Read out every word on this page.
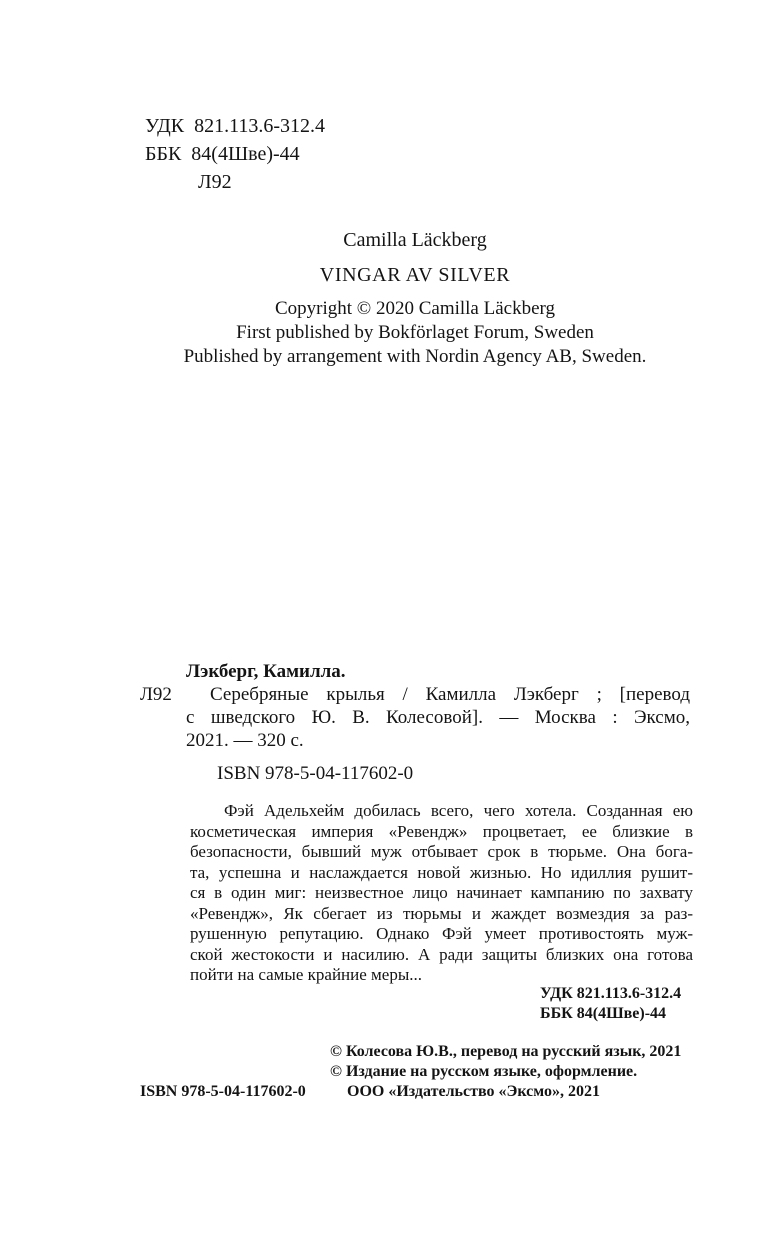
УДК  821.113.6-312.4
ББК  84(4Шве)-44
Л92
Camilla Läckberg
VINGAR AV SILVER
Copyright © 2020 Camilla Läckberg
First published by Bokförlaget Forum, Sweden
Published by arrangement with Nordin Agency AB, Sweden.
Лэкберг, Камилла.
Л92 Серебряные крылья / Камилла Лэкберг ; [перевод
с шведского Ю. В. Колесовой]. — Москва : Эксмо,
2021. — 320 с.
ISBN 978-5-04-117602-0
Фэй Адельхейм добилась всего, чего хотела. Созданная ею
косметическая империя «Ревендж» процветает, ее близкие в
безопасности, бывший муж отбывает срок в тюрьме. Она бога-
та, успешна и наслаждается новой жизнью. Но идиллия рушит-
ся в один миг: неизвестное лицо начинает кампанию по захвату
«Ревендж», Як сбегает из тюрьмы и жаждет возмездия за раз-
рушенную репутацию. Однако Фэй умеет противостоять муж-
ской жестокости и насилию. А ради защиты близких она готова
пойти на самые крайние меры...
УДК 821.113.6-312.4
ББК 84(4Шве)-44
© Колесова Ю.В., перевод на русский язык, 2021
© Издание на русском языке, оформление.
ООО «Издательство «Эксмо», 2021
ISBN 978-5-04-117602-0
